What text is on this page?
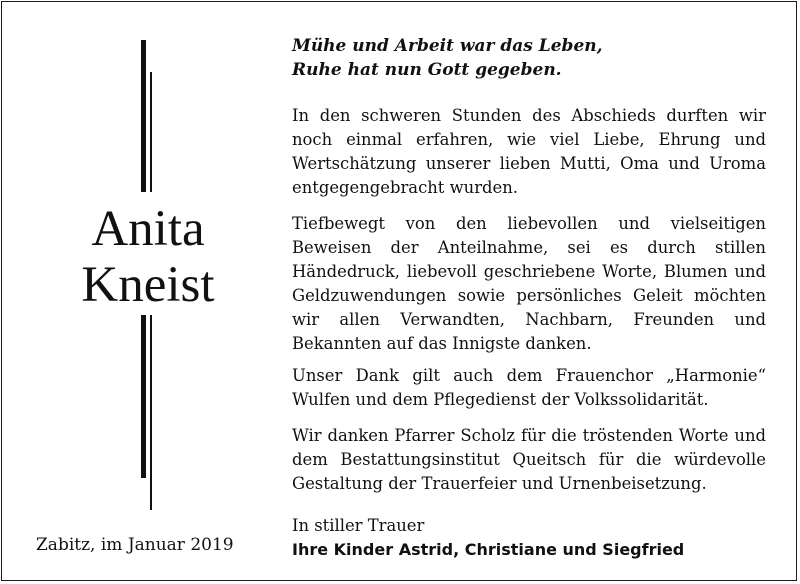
Anita
Kneist
Zabitz, im Januar 2019
Mühe und Arbeit war das Leben,
Ruhe hat nun Gott gegeben.
In den schweren Stunden des Abschieds durften wir noch einmal erfahren, wie viel Liebe, Ehrung und Wertschätzung unserer lieben Mutti, Oma und Uroma entgegengebracht wurden.
Tiefbewegt von den liebevollen und vielseitigen Beweisen der Anteilnahme, sei es durch stillen Händedruck, liebevoll geschriebene Worte, Blumen und Geldzuwendungen sowie persönliches Geleit möchten wir allen Verwandten, Nachbarn, Freunden und Bekannten auf das Innigste danken.
Unser Dank gilt auch dem Frauenchor „Harmonie“ Wulfen und dem Pflegedienst der Volkssolidarität.
Wir danken Pfarrer Scholz für die tröstenden Worte und dem Bestattungsinstitut Queitsch für die würdevolle Gestaltung der Trauerfeier und Urnenbeisetzung.
In stiller Trauer
Ihre Kinder Astrid, Christiane und Siegfried
